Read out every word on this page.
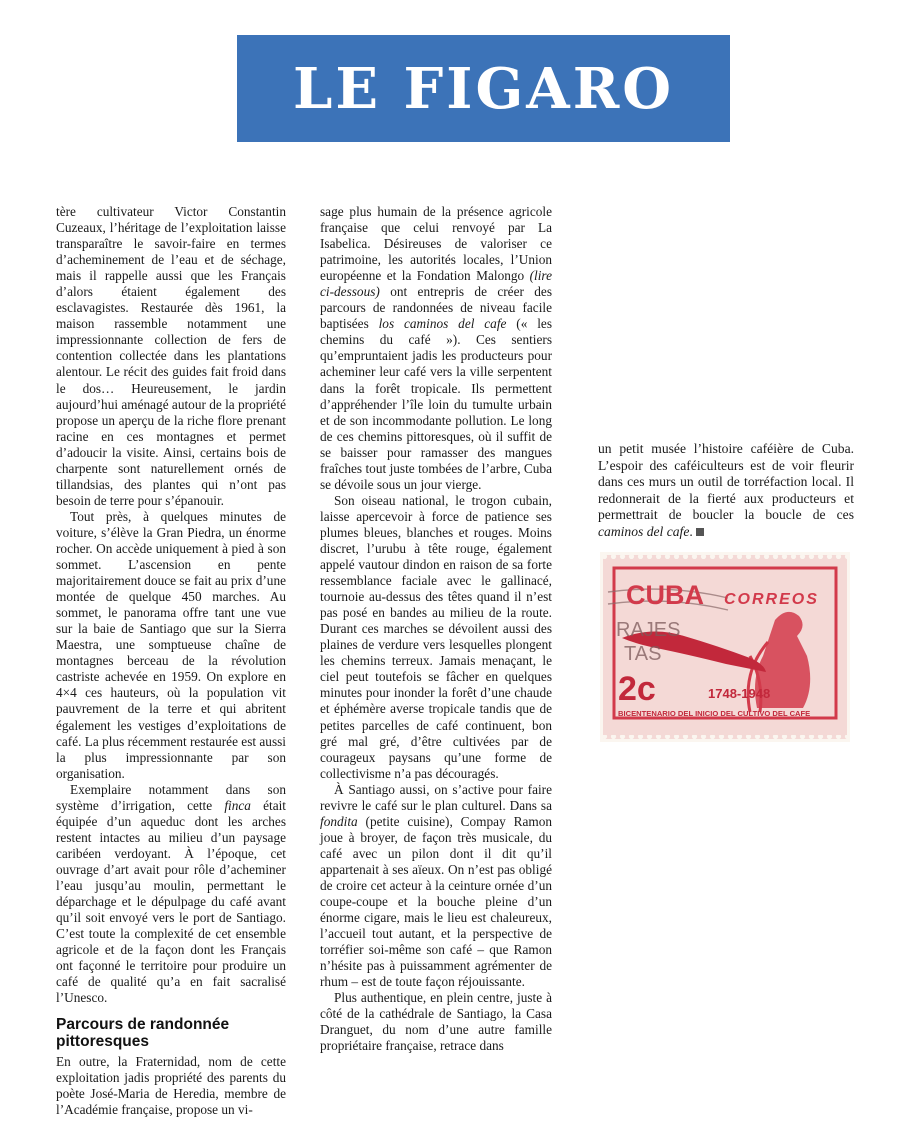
LE FIGARO

tère cultivateur Victor Constantin Cuzeaux, l’héritage de l’exploitation laisse transparaître le savoir-faire en termes d’acheminement de l’eau et de séchage, mais il rappelle aussi que les Français d’alors étaient également des esclavagistes. Restaurée dès 1961, la maison rassemble notamment une impressionnante collection de fers de contention collectée dans les plantations alentour. Le récit des guides fait froid dans le dos… Heureusement, le jardin aujourd’hui aménagé autour de la propriété propose un aperçu de la riche flore prenant racine en ces montagnes et permet d’adoucir la visite. Ainsi, certains bois de charpente sont naturellement ornés de tillandsias, des plantes qui n’ont pas besoin de terre pour s’épanouir.

Tout près, à quelques minutes de voiture, s’élève la Gran Piedra, un énorme rocher. On accède uniquement à pied à son sommet. L’ascension en pente majoritairement douce se fait au prix d’une montée de quelque 450 marches. Au sommet, le panorama offre tant une vue sur la baie de Santiago que sur la Sierra Maestra, une somptueuse chaîne de montagnes berceau de la révolution castriste achevée en 1959. On explore en 4×4 ces hauteurs, où la population vit pauvrement de la terre et qui abritent également les vestiges d’exploitations de café. La plus récemment restaurée est aussi la plus impressionnante par son organisation.

Exemplaire notamment dans son système d’irrigation, cette finca était équipée d’un aqueduc dont les arches restent intactes au milieu d’un paysage caribéen verdoyant. À l’époque, cet ouvrage d’art avait pour rôle d’acheminer l’eau jusqu’au moulin, permettant le déparchage et le dépulpage du café avant qu’il soit envoyé vers le port de Santiago. C’est toute la complexité de cet ensemble agricole et de la façon dont les Français ont façonné le territoire pour produire un café de qualité qu’a en fait sacralisé l’Unesco.

Parcours de randonnée pittoresques

En outre, la Fraternidad, nom de cette exploitation jadis propriété des parents du poète José-Maria de Heredia, membre de l’Académie française, propose un vi-

sage plus humain de la présence agricole française que celui renvoyé par La Isabelica. Désireuses de valoriser ce patrimoine, les autorités locales, l’Union européenne et la Fondation Malongo (lire ci-dessous) ont entrepris de créer des parcours de randonnées de niveau facile baptisées los caminos del cafe (« les chemins du café »). Ces sentiers qu’empruntaient jadis les producteurs pour acheminer leur café vers la ville serpentent dans la forêt tropicale. Ils permettent d’appréhender l’île loin du tumulte urbain et de son incommodante pollution. Le long de ces chemins pittoresques, où il suffit de se baisser pour ramasser des mangues fraîches tout juste tombées de l’arbre, Cuba se dévoile sous un jour vierge.

Son oiseau national, le trogon cubain, laisse apercevoir à force de patience ses plumes bleues, blanches et rouges. Moins discret, l’urubu à tête rouge, également appelé vautour dindon en raison de sa forte ressemblance faciale avec le gallinacé, tournoie au-dessus des têtes quand il n’est pas posé en bandes au milieu de la route. Durant ces marches se dévoilent aussi des plaines de verdure vers lesquelles plongent les chemins terreux. Jamais menaçant, le ciel peut toutefois se fâcher en quelques minutes pour inonder la forêt d’une chaude et éphémère averse tropicale tandis que de petites parcelles de café continuent, bon gré mal gré, d’être cultivées par de courageux paysans qu’une forme de collectivisme n’a pas découragés.

À Santiago aussi, on s’active pour faire revivre le café sur le plan culturel. Dans sa fondita (petite cuisine), Compay Ramon joue à broyer, de façon très musicale, du café avec un pilon dont il dit qu’il appartenait à ses aïeux. On n’est pas obligé de croire cet acteur à la ceinture ornée d’un coupe-coupe et la bouche pleine d’un énorme cigare, mais le lieu est chaleureux, l’accueil tout autant, et la perspective de torréfier soi-même son café – que Ramon n’hésite pas à puissamment agrémenter de rhum – est de toute façon réjouissante.

Plus authentique, en plein centre, juste à côté de la cathédrale de Santiago, la Casa Dranguet, du nom d’une autre famille propriétaire française, retrace dans

un petit musée l’histoire caféière de Cuba. L’espoir des caféiculteurs est de voir fleurir dans ces murs un outil de torréfaction local. Il redonnerait de la fierté aux producteurs et permettrait de boucler la boucle de ces caminos del cafe.

CUBA CORREOS
RAJES
TAS
2c	1748-1948
BICENTENARIO DEL INICIO DEL CULTIVO DEL CAFE
